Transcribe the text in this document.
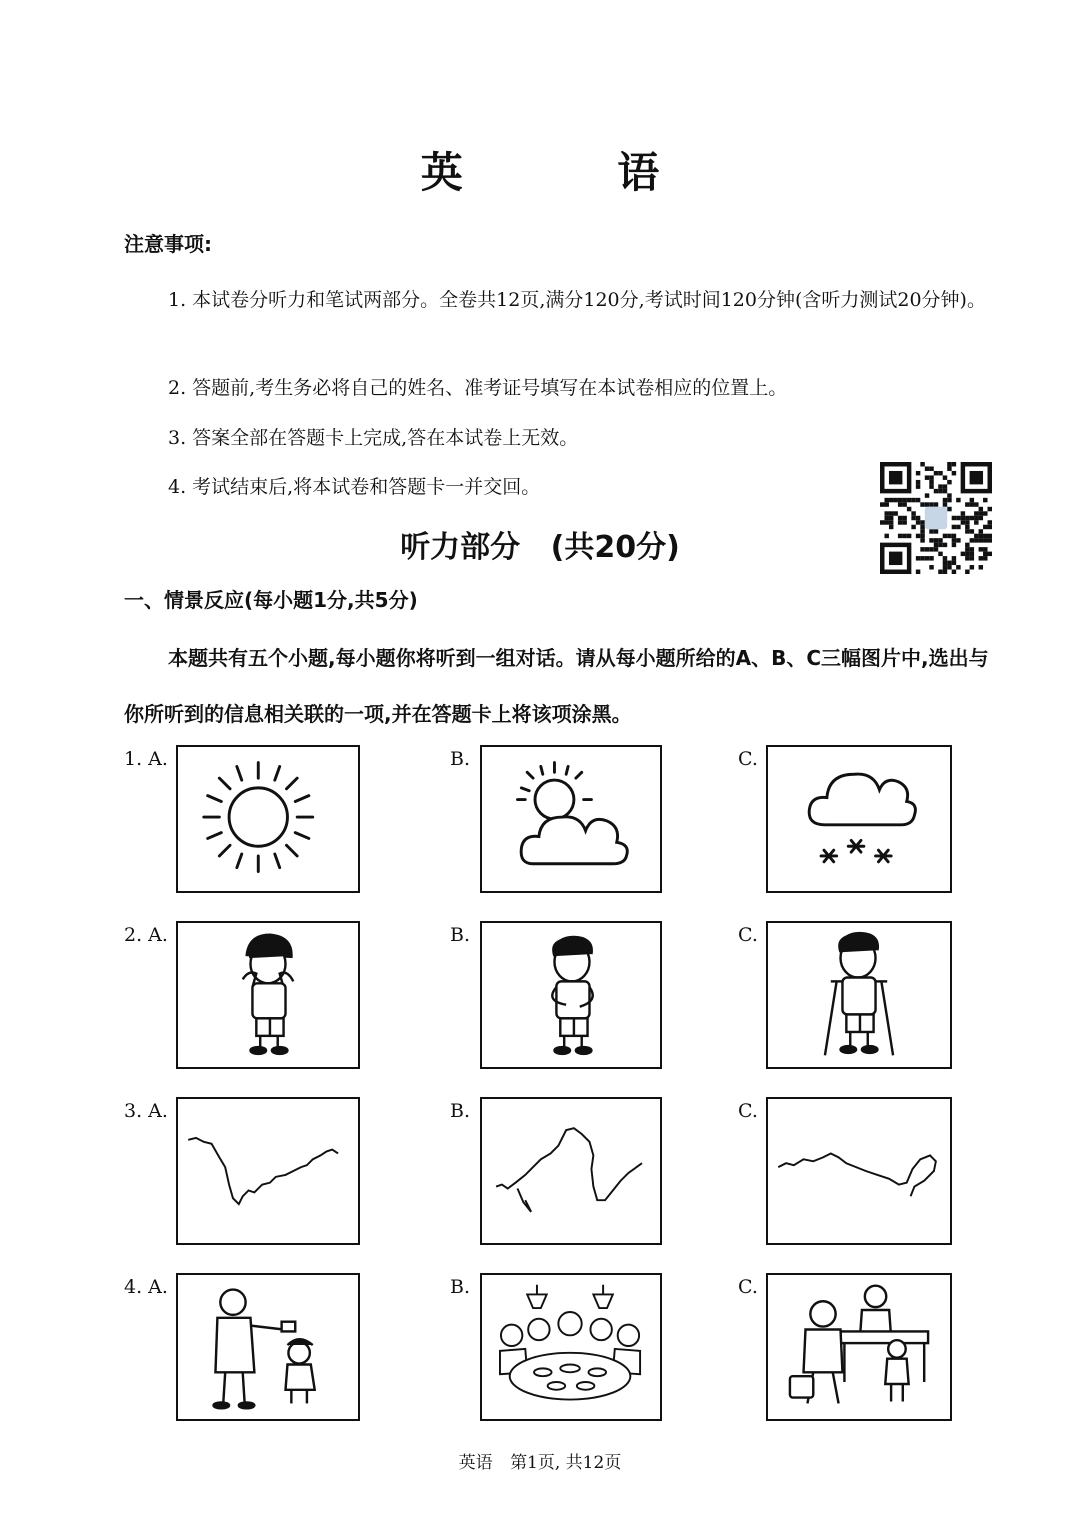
英 语
注意事项:
1. 本试卷分听力和笔试两部分。全卷共12页,满分120分,考试时间120分钟(含听力测试20分钟)。
2. 答题前,考生务必将自己的姓名、准考证号填写在本试卷相应的位置上。
3. 答案全部在答题卡上完成,答在本试卷上无效。
4. 考试结束后,将本试卷和答题卡一并交回。
听力部分 (共20分)
一、情景反应(每小题1分,共5分)
本题共有五个小题,每小题你将听到一组对话。请从每小题所给的A、B、C三幅图片中,选出与你所听到的信息相关联的一项,并在答题卡上将该项涂黑。
1. A.	B.	C.
2. A.	B.	C.
3. A.	B.	C.
4. A.	B.	C.
英语 第1页, 共12页
